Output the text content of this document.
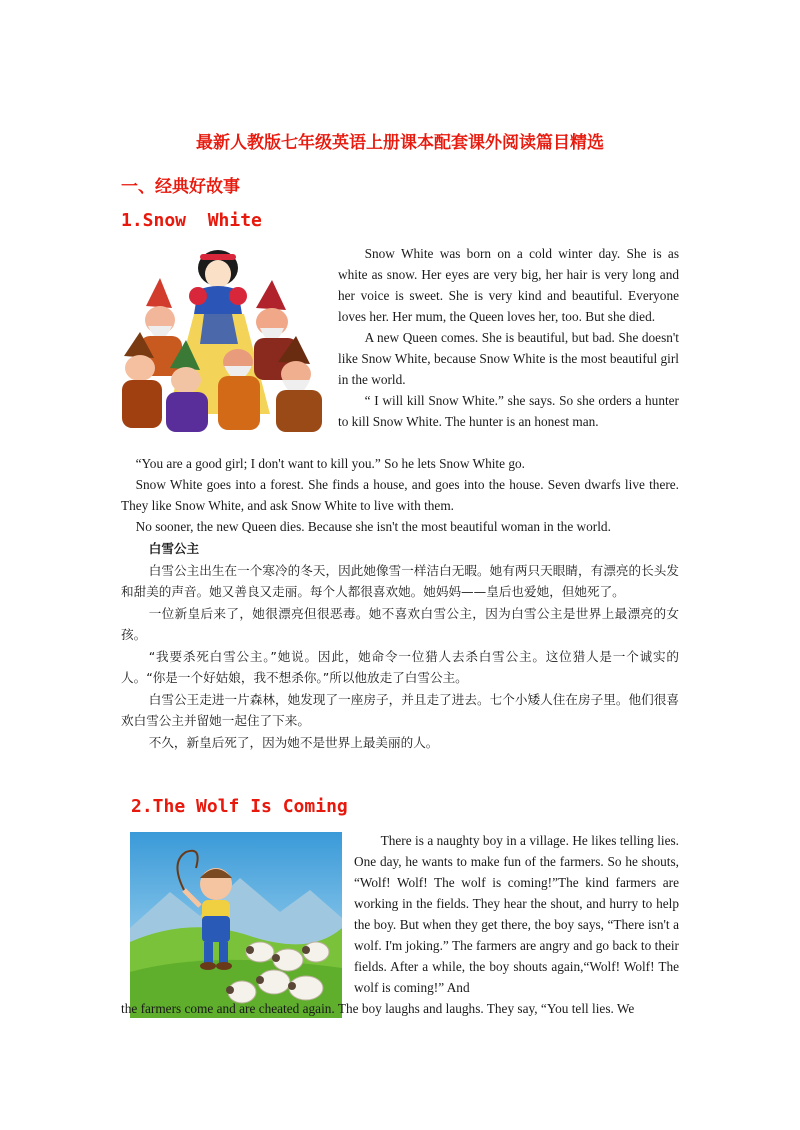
最新人教版七年级英语上册课本配套课外阅读篇目精选
一、经典好故事
1.Snow  White

Snow White was born on a cold winter day. She is as white as snow. Her eyes are very big, her hair is very long and her voice is sweet. She is very kind and beautiful. Everyone loves her. Her mum, the Queen loves her, too. But she died.

A new Queen comes. She is beautiful, but bad. She doesn't like Snow White, because Snow White is the most beautiful girl in the world.

“ I will kill Snow White.” she says. So she orders a hunter to kill Snow White. The hunter is an honest man.

“You are a good girl; I don't want to kill you.” So he lets Snow White go.

Snow White goes into a forest. She finds a house, and goes into the house. Seven dwarfs live there. They like Snow White, and ask Snow White to live with them.

No sooner, the new Queen dies. Because she isn't the most beautiful woman in the world.

白雪公主

白雪公主出生在一个寒冷的冬天，因此她像雪一样洁白无暇。她有两只天眼睛，有漂亮的长头发和甜美的声音。她又善良又走丽。每个人都很喜欢她。她妈妈——皇后也爱她，但她死了。

一位新皇后来了，她很漂亮但很恶毒。她不喜欢白雪公主，因为白雪公主是世界上最漂亮的女孩。

“我要杀死白雪公主。”她说。因此，她命令一位猎人去杀白雪公主。这位猎人是一个诚实的人。“你是一个好姑娘，我不想杀你。”所以他放走了白雪公主。

白雪公王走进一片森林，她发现了一座房子，并且走了进去。七个小矮人住在房子里。他们很喜欢白雪公主并留她一起住了下来。

不久，新皇后死了，因为她不是世界上最美丽的人。

2.The Wolf Is Coming

There is a naughty boy in a village. He likes telling lies. One day, he wants to make fun of the farmers. So he shouts, “Wolf! Wolf! The wolf is coming!”The kind farmers are working in the fields. They hear the shout, and hurry to help the boy. But when they get there, the boy says, “There isn't a wolf. I'm joking.” The farmers are angry and go back to their fields. After a while, the boy shouts again,“Wolf! Wolf! The wolf is coming!” And

the farmers come and are cheated again. The boy laughs and laughs. They say, “You tell lies. We
